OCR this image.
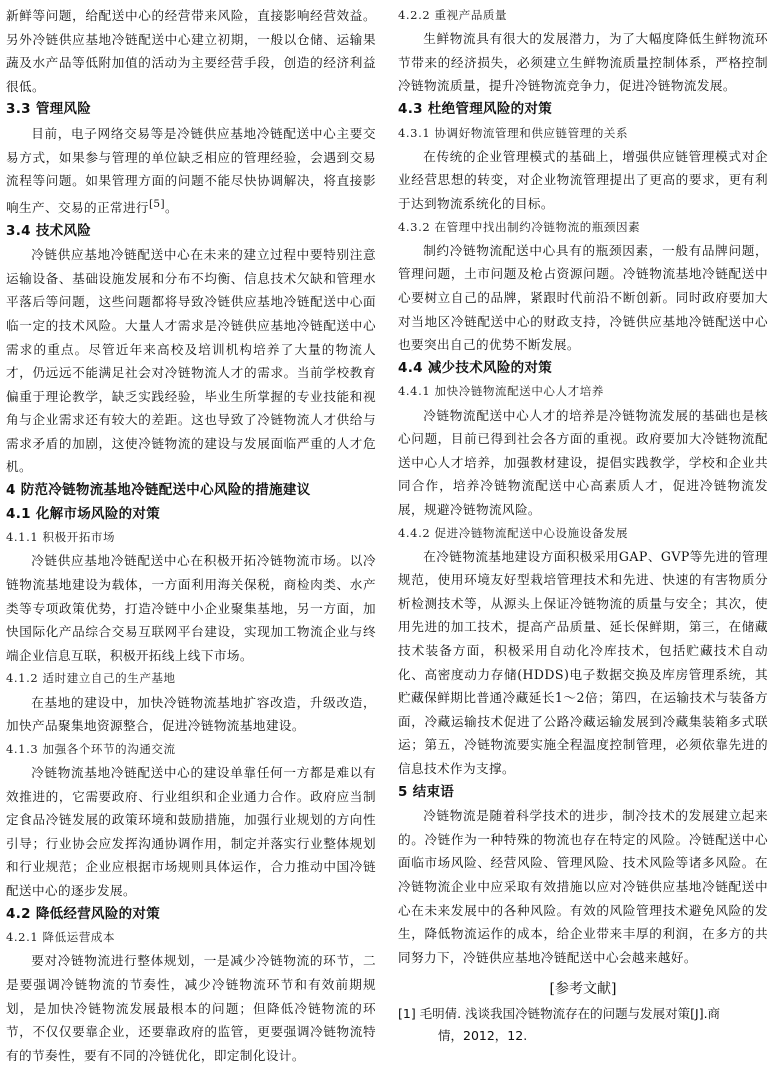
新鲜等问题，给配送中心的经营带来风险，直接影响经营效益。另外冷链供应基地冷链配送中心建立初期，一般以仓储、运输果蔬及水产品等低附加值的活动为主要经营手段，创造的经济利益很低。

3.3 管理风险

目前，电子网络交易等是冷链供应基地冷链配送中心主要交易方式，如果参与管理的单位缺乏相应的管理经验，会遇到交易流程等问题。如果管理方面的问题不能尽快协调解决，将直接影响生产、交易的正常进行[5]。

3.4 技术风险

冷链供应基地冷链配送中心在未来的建立过程中要特别注意运输设备、基础设施发展和分布不均衡、信息技术欠缺和管理水平落后等问题，这些问题都将导致冷链供应基地冷链配送中心面临一定的技术风险。大量人才需求是冷链供应基地冷链配送中心需求的重点。尽管近年来高校及培训机构培养了大量的物流人才，仍远远不能满足社会对冷链物流人才的需求。当前学校教育偏重于理论教学，缺乏实践经验，毕业生所掌握的专业技能和视角与企业需求还有较大的差距。这也导致了冷链物流人才供给与需求矛盾的加剧，这使冷链物流的建设与发展面临严重的人才危机。

4 防范冷链物流基地冷链配送中心风险的措施建议
4.1 化解市场风险的对策
4.1.1 积极开拓市场

冷链供应基地冷链配送中心在积极开拓冷链物流市场。以冷链物流基地建设为载体，一方面利用海关保税，商检肉类、水产类等专项政策优势，打造冷链中小企业聚集基地，另一方面，加快国际化产品综合交易互联网平台建设，实现加工物流企业与终端企业信息互联，积极开拓线上线下市场。

4.1.2 适时建立自己的生产基地

在基地的建设中，加快冷链物流基地扩容改造，升级改造，加快产品聚集地资源整合，促进冷链物流基地建设。

4.1.3 加强各个环节的沟通交流

冷链物流基地冷链配送中心的建设单靠任何一方都是难以有效推进的，它需要政府、行业组织和企业通力合作。政府应当制定食品冷链发展的政策环境和鼓励措施，加强行业规划的方向性引导；行业协会应发挥沟通协调作用，制定并落实行业整体规划和行业规范；企业应根据市场规则具体运作，合力推动中国冷链配送中心的逐步发展。

4.2 降低经营风险的对策
4.2.1 降低运营成本

要对冷链物流进行整体规划，一是减少冷链物流的环节，二是要强调冷链物流的节奏性，减少冷链物流环节和有效前期规划，是加快冷链物流发展最根本的问题；但降低冷链物流的环节，不仅仅要靠企业，还要靠政府的监管，更要强调冷链物流特有的节奏性，要有不同的冷链优化，即定制化设计。

4.2.2 重视产品质量

生鲜物流具有很大的发展潜力，为了大幅度降低生鲜物流环节带来的经济损失，必须建立生鲜物流质量控制体系，严格控制冷链物流质量，提升冷链物流竞争力，促进冷链物流发展。

4.3 杜绝管理风险的对策
4.3.1 协调好物流管理和供应链管理的关系

在传统的企业管理模式的基础上，增强供应链管理模式对企业经营思想的转变，对企业物流管理提出了更高的要求，更有利于达到物流系统化的目标。

4.3.2 在管理中找出制约冷链物流的瓶颈因素

制约冷链物流配送中心具有的瓶颈因素，一般有品牌问题，管理问题，土市问题及枪占资源问题。冷链物流基地冷链配送中心要树立自己的品牌，紧跟时代前沿不断创新。同时政府要加大对当地区冷链配送中心的财政支持，冷链供应基地冷链配送中心也要突出自己的优势不断发展。

4.4 减少技术风险的对策
4.4.1 加快冷链物流配送中心人才培养

冷链物流配送中心人才的培养是冷链物流发展的基础也是核心问题，目前已得到社会各方面的重视。政府要加大冷链物流配送中心人才培养，加强教材建设，提倡实践教学，学校和企业共同合作，培养冷链物流配送中心高素质人才，促进冷链物流发展，规避冷链物流风险。

4.4.2 促进冷链物流配送中心设施设备发展

在冷链物流基地建设方面积极采用GAP、GVP等先进的管理规范，使用环境友好型栽培管理技术和先进、快速的有害物质分析检测技术等，从源头上保证冷链物流的质量与安全；其次，使用先进的加工技术，提高产品质量、延长保鲜期，第三，在储藏技术装备方面，积极采用自动化冷库技术，包括贮藏技术自动化、高密度动力存储(HDDS)电子数据交换及库房管理系统，其贮藏保鲜期比普通冷藏延长1～2倍；第四，在运输技术与装备方面，冷藏运输技术促进了公路冷藏运输发展到冷藏集装箱多式联运；第五，冷链物流要实施全程温度控制管理，必须依靠先进的信息技术作为支撑。

5 结束语

冷链物流是随着科学技术的进步，制冷技术的发展建立起来的。冷链作为一种特殊的物流也存在特定的风险。冷链配送中心面临市场风险、经营风险、管理风险、技术风险等诸多风险。在冷链物流企业中应采取有效措施以应对冷链供应基地冷链配送中心在未来发展中的各种风险。有效的风险管理技术避免风险的发生，降低物流运作的成本，给企业带来丰厚的利润，在多方的共同努力下，冷链供应基地冷链配送中心会越来越好。

[参考文献]
[1] 毛明倩. 浅谈我国冷链物流存在的问题与发展对策[J].商
情，2012，12.
